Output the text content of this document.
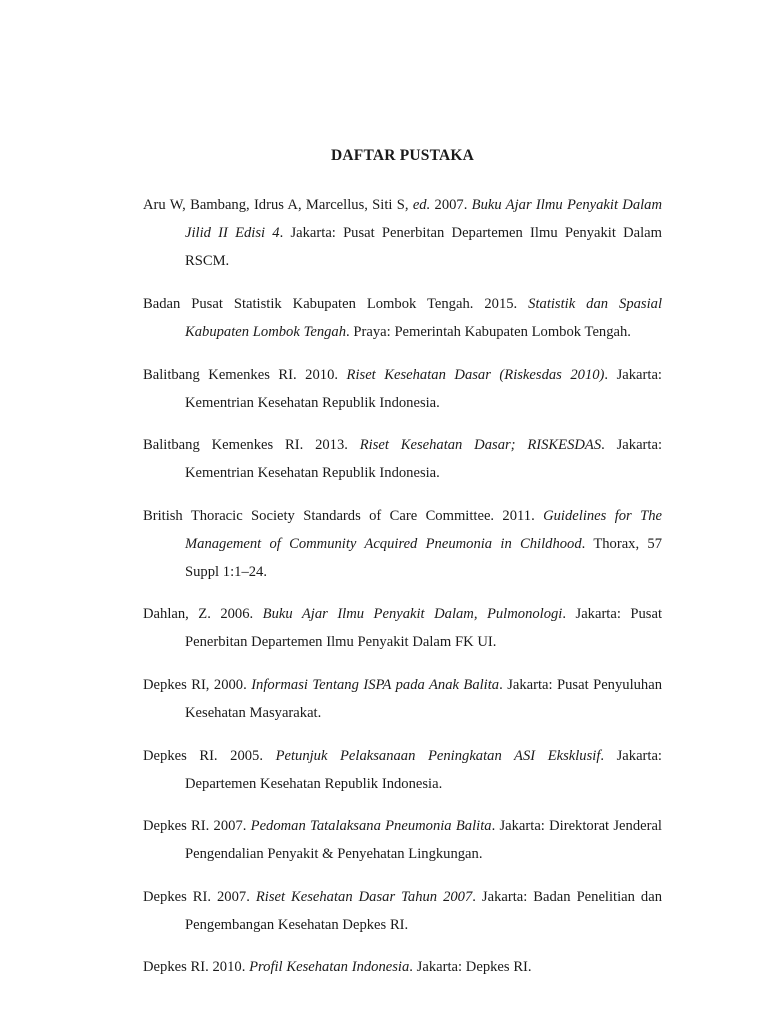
DAFTAR PUSTAKA

Aru W, Bambang, Idrus A, Marcellus, Siti S, ed. 2007. Buku Ajar Ilmu Penyakit Dalam Jilid II Edisi 4. Jakarta: Pusat Penerbitan Departemen Ilmu Penyakit Dalam RSCM.

Badan Pusat Statistik Kabupaten Lombok Tengah. 2015. Statistik dan Spasial Kabupaten Lombok Tengah. Praya: Pemerintah Kabupaten Lombok Tengah.

Balitbang Kemenkes RI. 2010. Riset Kesehatan Dasar (Riskesdas 2010). Jakarta: Kementrian Kesehatan Republik Indonesia.

Balitbang Kemenkes RI. 2013. Riset Kesehatan Dasar; RISKESDAS. Jakarta: Kementrian Kesehatan Republik Indonesia.

British Thoracic Society Standards of Care Committee. 2011. Guidelines for The Management of Community Acquired Pneumonia in Childhood. Thorax, 57 Suppl 1:1–24.

Dahlan, Z. 2006. Buku Ajar Ilmu Penyakit Dalam, Pulmonologi. Jakarta: Pusat Penerbitan Departemen Ilmu Penyakit Dalam FK UI.

Depkes RI, 2000. Informasi Tentang ISPA pada Anak Balita. Jakarta: Pusat Penyuluhan Kesehatan Masyarakat.

Depkes RI. 2005. Petunjuk Pelaksanaan Peningkatan ASI Eksklusif. Jakarta: Departemen Kesehatan Republik Indonesia.

Depkes RI. 2007. Pedoman Tatalaksana Pneumonia Balita. Jakarta: Direktorat Jenderal Pengendalian Penyakit & Penyehatan Lingkungan.

Depkes RI. 2007. Riset Kesehatan Dasar Tahun 2007. Jakarta: Badan Penelitian dan Pengembangan Kesehatan Depkes RI.

Depkes RI. 2010. Profil Kesehatan Indonesia. Jakarta: Depkes RI.
